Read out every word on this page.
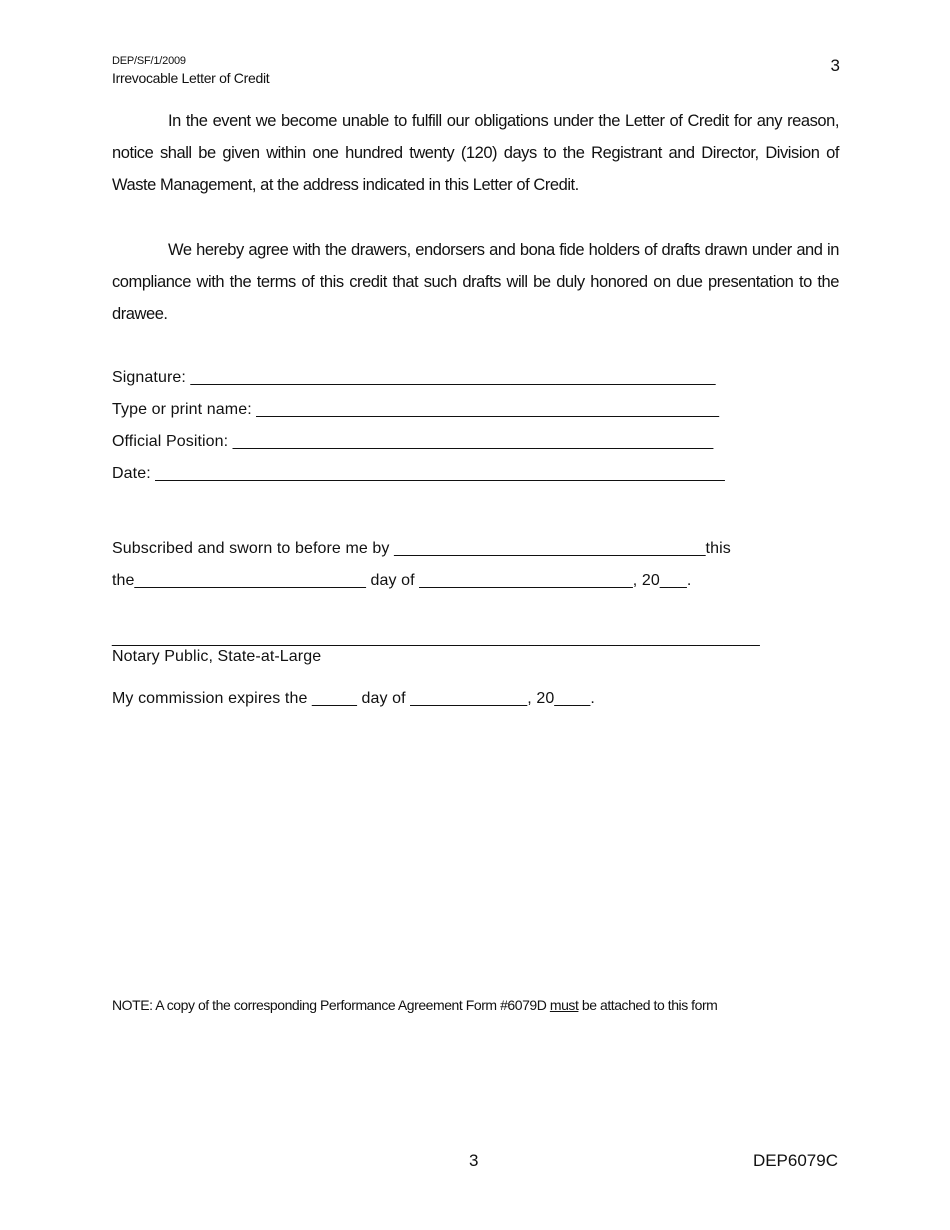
DEP/SF/1/2009
Irrevocable Letter of Credit
3

In the event we become unable to fulfill our obligations under the Letter of Credit for any reason, notice shall be given within one hundred twenty (120) days to the Registrant and Director, Division of Waste Management, at the address indicated in this Letter of Credit.

We hereby agree with the drawers, endorsers and bona fide holders of drafts drawn under and in compliance with the terms of this credit that such drafts will be duly honored on due presentation to the drawee.

Signature: ___________________________________________________________
Type or print name: ____________________________________________________
Official Position: ______________________________________________________
Date: ________________________________________________________________
Subscribed and sworn to before me by ___________________________________this
the__________________________ day of ________________________, 20___.
________________________________________________________________________
Notary Public, State-at-Large
My commission expires the _____ day of _____________, 20____.
NOTE: A copy of the corresponding Performance Agreement Form #6079D must be attached to this form
3	DEP6079C
